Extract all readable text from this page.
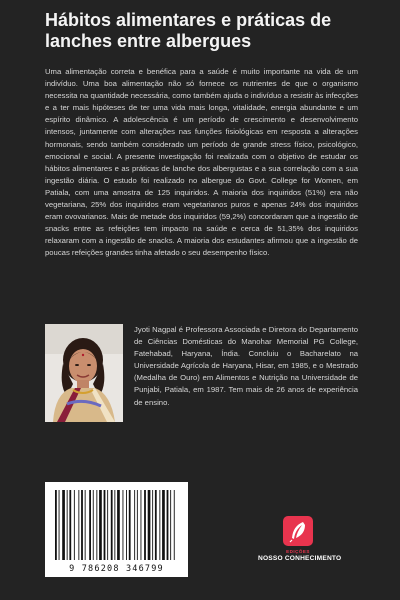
Hábitos alimentares e práticas de lanches entre albergues

Uma alimentação correta e benéfica para a saúde é muito importante na vida de um indivíduo. Uma boa alimentação não só fornece os nutrientes de que o organismo necessita na quantidade necessária, como também ajuda o indivíduo a resistir às infecções e a ter mais hipóteses de ter uma vida mais longa, vitalidade, energia abundante e um espírito dinâmico. A adolescência é um período de crescimento e desenvolvimento intensos, juntamente com alterações nas funções fisiológicas em resposta a alterações hormonais, sendo também considerado um período de grande stress físico, psicológico, emocional e social. A presente investigação foi realizada com o objetivo de estudar os hábitos alimentares e as práticas de lanche dos albergustas e a sua correlação com a sua ingestão diária. O estudo foi realizado no albergue do Govt. College for Women, em Patiala, com uma amostra de 125 inquiridos. A maioria dos inquiridos (51%) era não vegetariana, 25% dos inquiridos eram vegetarianos puros e apenas 24% dos inquiridos eram ovovarianos. Mais de metade dos inquiridos (59,2%) concordaram que a ingestão de snacks entre as refeições tem impacto na saúde e cerca de 51,35% dos inquiridos relaxaram com a ingestão de snacks. A maioria dos estudantes afirmou que a ingestão de poucas refeições grandes tinha afetado o seu desempenho físico.

Jyoti Nagpal é Professora Associada e Diretora do Departamento de Ciências Domésticas do Manohar Memorial PG College, Fatehabad, Haryana, Índia. Concluiu o Bacharelato na Universidade Agrícola de Haryana, Hisar, em 1985, e o Mestrado (Medalha de Ouro) em Alimentos e Nutrição na Universidade de Punjabi, Patiala, em 1987. Tem mais de 26 anos de experiência de ensino.

9 786208 346799
EDIÇÕES
NOSSO CONHECIMENTO
